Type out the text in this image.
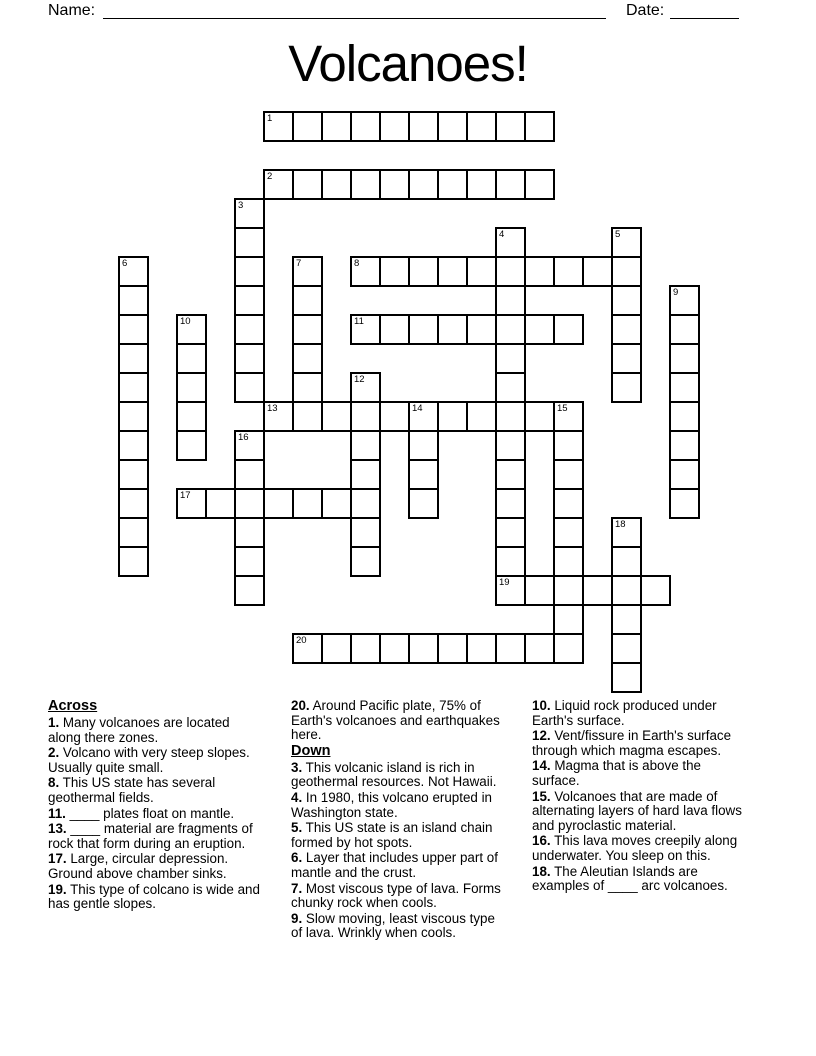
Name:	Date:
Volcanoes!
1
2
8
11
13	14	15
17
19
20
3
4	5
6	7
9
10
12
16
18
Across
1. Many volcanoes are located along there zones.
2. Volcano with very steep slopes. Usually quite small.
8. This US state has several geothermal fields.
11. ____ plates float on mantle.
13. ____ material are fragments of rock that form during an eruption.
17. Large, circular depression. Ground above chamber sinks.
19. This type of colcano is wide and has gentle slopes.
20. Around Pacific plate, 75% of Earth's volcanoes and earthquakes here.
Down
3. This volcanic island is rich in geothermal resources. Not Hawaii.
4. In 1980, this volcano erupted in Washington state.
5. This US state is an island chain formed by hot spots.
6. Layer that includes upper part of mantle and the crust.
7. Most viscous type of lava. Forms chunky rock when cools.
9. Slow moving, least viscous type of lava. Wrinkly when cools.
10. Liquid rock produced under Earth's surface.
12. Vent/fissure in Earth's surface through which magma escapes.
14. Magma that is above the surface.
15. Volcanoes that are made of alternating layers of hard lava flows and pyroclastic material.
16. This lava moves creepily along underwater. You sleep on this.
18. The Aleutian Islands are examples of ____ arc volcanoes.
